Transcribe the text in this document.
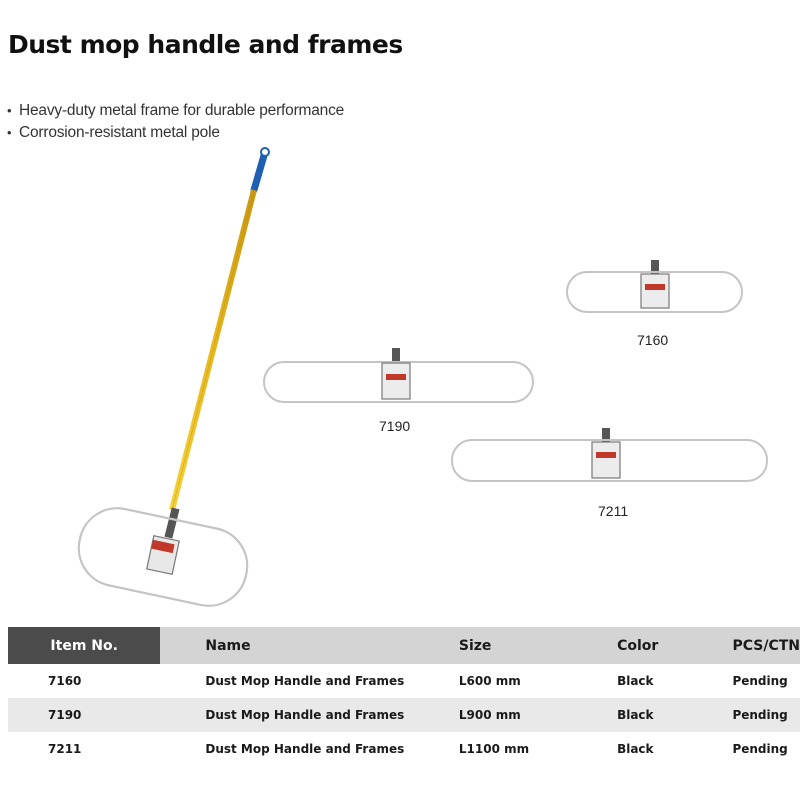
Dust mop handle and frames
• Heavy-duty metal frame for durable performance
• Corrosion-resistant metal pole
7160
7190
7211
Item No.	Name	Size	Color	PCS/CTN
7160	Dust Mop Handle and Frames	L600 mm	Black	Pending
7190	Dust Mop Handle and Frames	L900 mm	Black	Pending
7211	Dust Mop Handle and Frames	L1100 mm	Black	Pending
